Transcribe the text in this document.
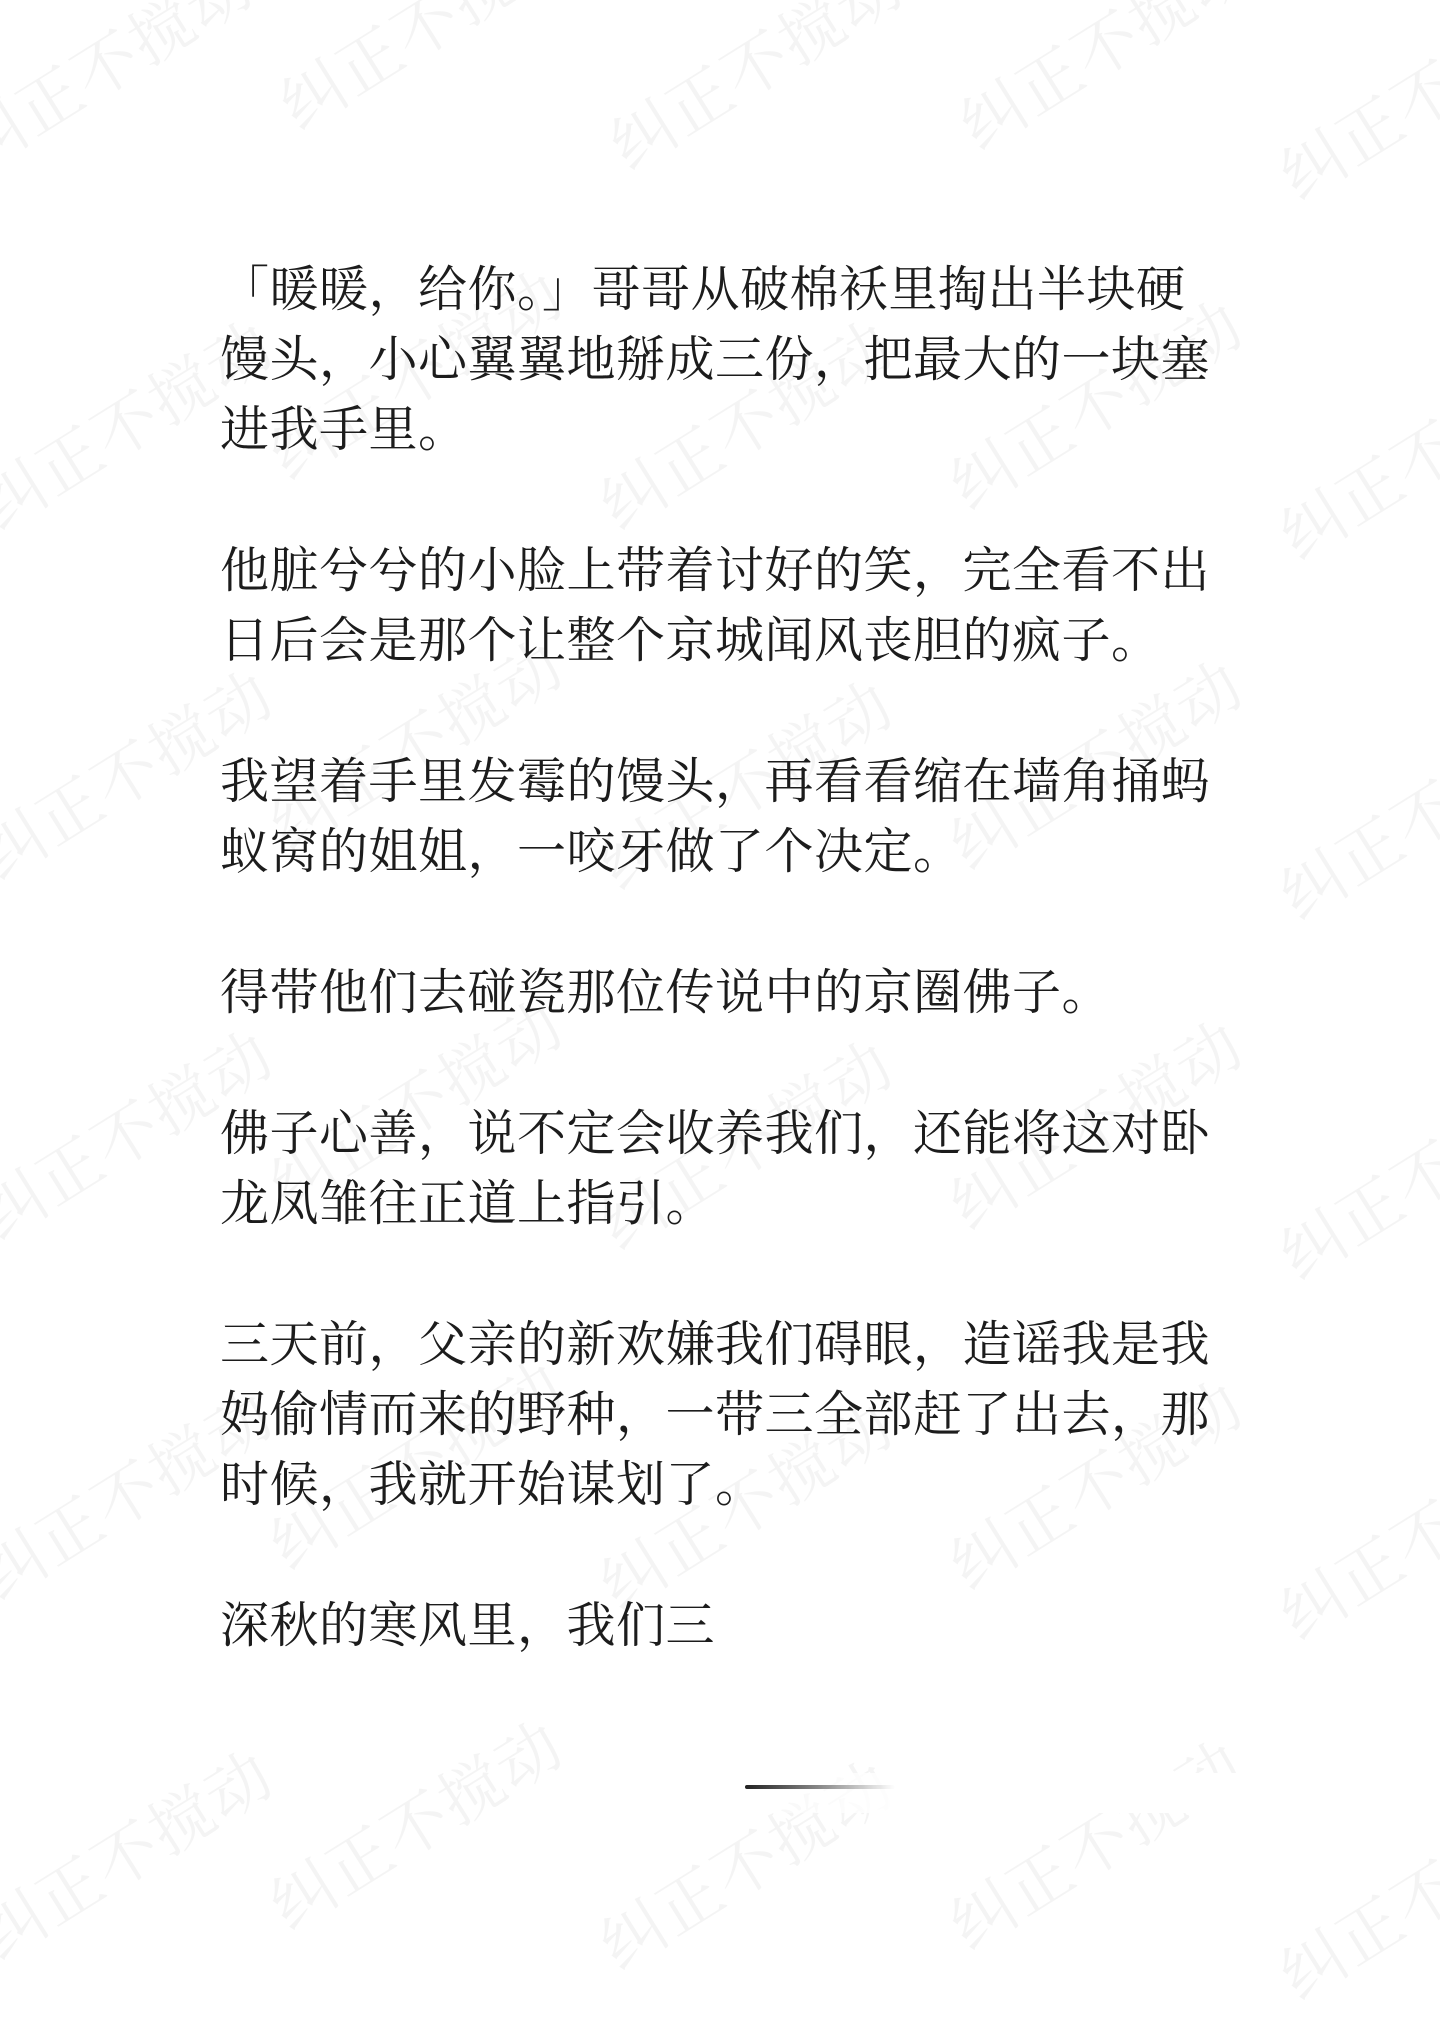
「暖暖，给你。」哥哥从破棉袄里掏出半块硬馒头，小心翼翼地掰成三份，把最大的一块塞进我手里。

他脏兮兮的小脸上带着讨好的笑，完全看不出日后会是那个让整个京城闻风丧胆的疯子。

我望着手里发霉的馒头，再看看缩在墙角捅蚂蚁窝的姐姐，一咬牙做了个决定。

得带他们去碰瓷那位传说中的京圈佛子。

佛子心善，说不定会收养我们，还能将这对卧龙凤雏往正道上指引。

三天前，父亲的新欢嫌我们碍眼，造谣我是我妈偷情而来的野种，一带三全部赶了出去，那时候，我就开始谋划了。

深秋的寒风里，我们三
